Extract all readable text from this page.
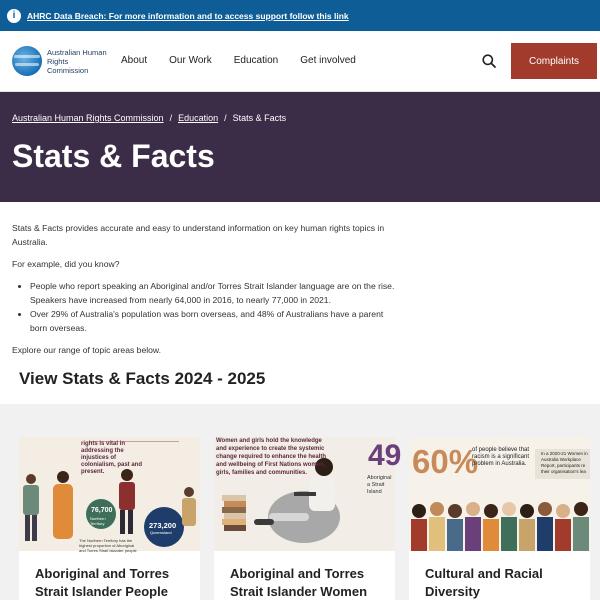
i	AHRC Data Breach: For more information and to access support follow this link
Australian Human Rights Commission
About Our Work Education Get involved	Complaints
Australian Human Rights Commission / Education / Stats & Facts
Stats & Facts

Stats & Facts provides accurate and easy to understand information on key human rights topics in Australia.

For example, did you know?

• People who report speaking an Aboriginal and/or Torres Strait Islander language are on the rise. Speakers have increased from nearly 64,000 in 2016, to nearly 77,000 in 2021.
• Over 29% of Australia's population was born overseas, and 48% of Australians have a parent born overseas.

Explore our range of topic areas below.

View Stats & Facts 2024 - 2025
rights is vital in addressing the injustices of colonialism, past and present.
76,700
Northern Territory	273,200
Queensland
The Northern Territory has the highest proportion of Aboriginal and Torres Strait Islander people
Aboriginal and Torres Strait Islander People
Women and girls hold the knowledge and experience to create the systemic change required to enhance the health and wellbeing of First Nations women, girls, families and communities.
49
Aboriginal a Strait Island
Aboriginal and Torres Strait Islander Women
60%
of people believe that racism is a significant problem in Australia.
In a 2020-21 Women in Australia Workplace Report, participants re their organisation's lea
Cultural and Racial Diversity
